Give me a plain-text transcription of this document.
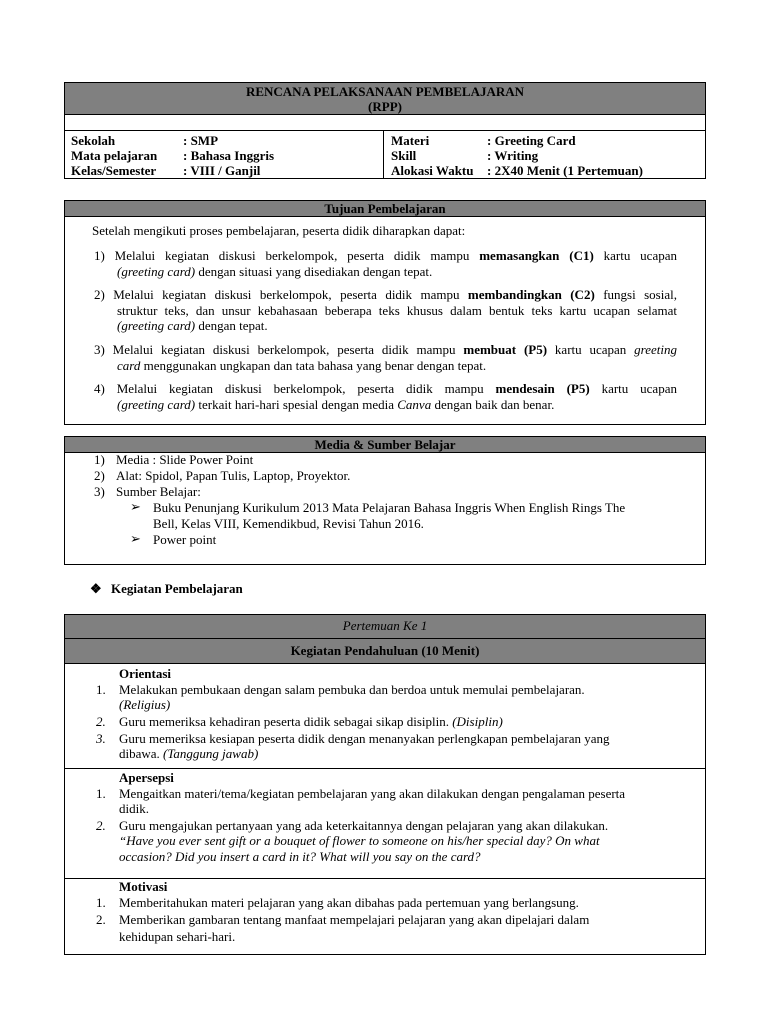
RENCANA PELAKSANAAN PEMBELAJARAN
(RPP)
Sekolah	: SMP
Mata pelajaran	: Bahasa Inggris
Kelas/Semester	: VIII / Ganjil
Materi	: Greeting Card
Skill	: Writing
Alokasi Waktu	: 2X40 Menit (1 Pertemuan)
Tujuan Pembelajaran
Setelah mengikuti proses pembelajaran, peserta didik diharapkan dapat:
1) Melalui kegiatan diskusi berkelompok, peserta didik mampu memasangkan (C1) kartu ucapan
(greeting card) dengan situasi yang disediakan dengan tepat.
2) Melalui kegiatan diskusi berkelompok, peserta didik mampu membandingkan (C2) fungsi sosial,
struktur teks, dan unsur kebahasaan beberapa teks khusus dalam bentuk teks kartu ucapan selamat
(greeting card) dengan tepat.
3) Melalui kegiatan diskusi berkelompok, peserta didik mampu membuat (P5) kartu ucapan greeting
card menggunakan ungkapan dan tata bahasa yang benar dengan tepat.
4) Melalui kegiatan diskusi berkelompok, peserta didik mampu mendesain (P5) kartu ucapan
(greeting card) terkait hari-hari spesial dengan media Canva dengan baik dan benar.
Media & Sumber Belajar
1) Media : Slide Power Point
2) Alat: Spidol, Papan Tulis, Laptop, Proyektor.
3) Sumber Belajar:
➢ Buku Penunjang Kurikulum 2013 Mata Pelajaran Bahasa Inggris When English Rings The
Bell, Kelas VIII, Kemendikbud, Revisi Tahun 2016.
➢ Power point
❖ Kegiatan Pembelajaran
Pertemuan Ke 1
Kegiatan Pendahuluan (10 Menit)
Orientasi
1. Melakukan pembukaan dengan salam pembuka dan berdoa untuk memulai pembelajaran.
(Religius)
2. Guru memeriksa kehadiran peserta didik sebagai sikap disiplin. (Disiplin)
3. Guru memeriksa kesiapan peserta didik dengan menanyakan perlengkapan pembelajaran yang
dibawa. (Tanggung jawab)
Apersepsi
1. Mengaitkan materi/tema/kegiatan pembelajaran yang akan dilakukan dengan pengalaman peserta
didik.
2. Guru mengajukan pertanyaan yang ada keterkaitannya dengan pelajaran yang akan dilakukan.
“Have you ever sent gift or a bouquet of flower to someone on his/her special day? On what
occasion? Did you insert a card in it? What will you say on the card?
Motivasi
1. Memberitahukan materi pelajaran yang akan dibahas pada pertemuan yang berlangsung.
2. Memberikan gambaran tentang manfaat mempelajari pelajaran yang akan dipelajari dalam
kehidupan sehari-hari.
